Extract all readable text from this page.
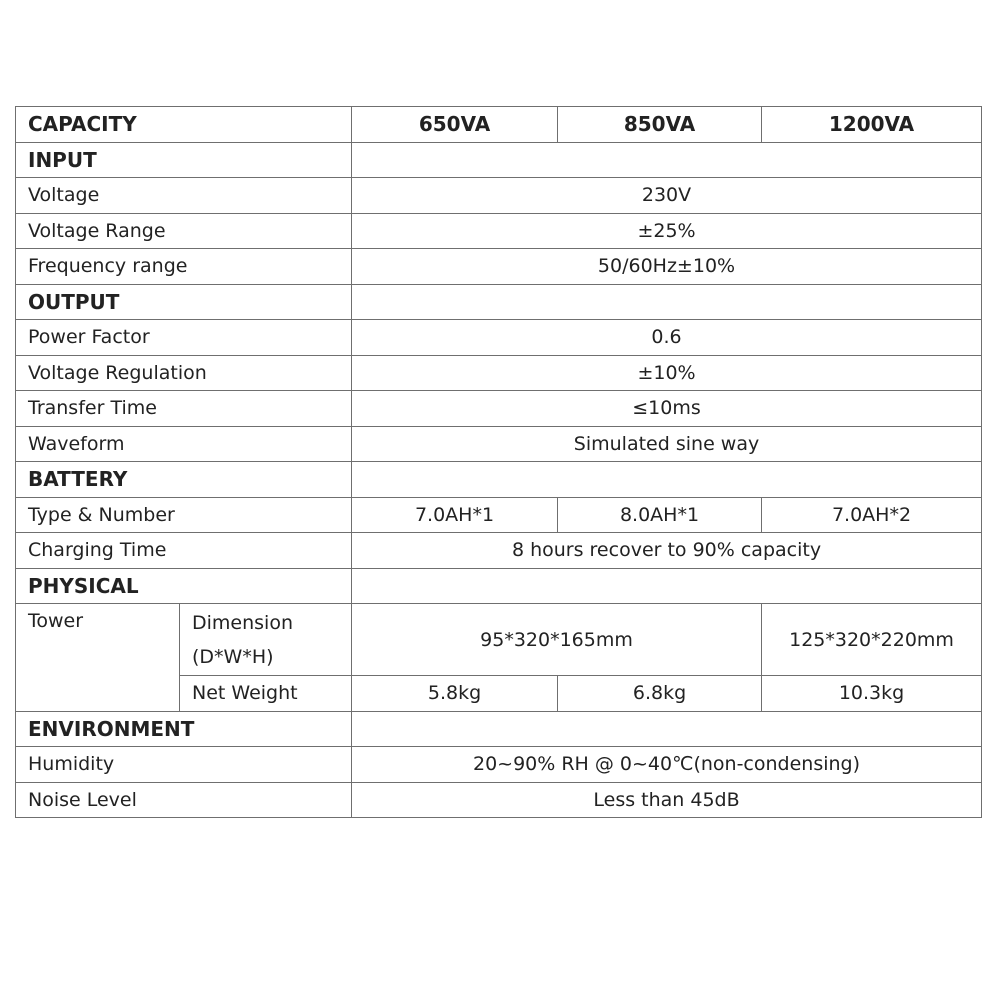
CAPACITY		650VA	850VA	1200VA
INPUT				
Voltage		230V		
Voltage Range		±25%		
Frequency range		50/60Hz±10%		
OUTPUT				
Power Factor		0.6		
Voltage Regulation		±10%		
Transfer Time		≤10ms		
Waveform		Simulated sine way		
BATTERY				
Type & Number		7.0AH*1	8.0AH*1	7.0AH*2
Charging Time		8 hours recover to 90% capacity		
PHYSICAL				
Tower	Dimension (D*W*H)	95*320*165mm		125*320*220mm
	Net Weight	5.8kg	6.8kg	10.3kg
ENVIRONMENT				
Humidity		20~90% RH @ 0~40℃(non-condensing)		
Noise Level		Less than 45dB		
